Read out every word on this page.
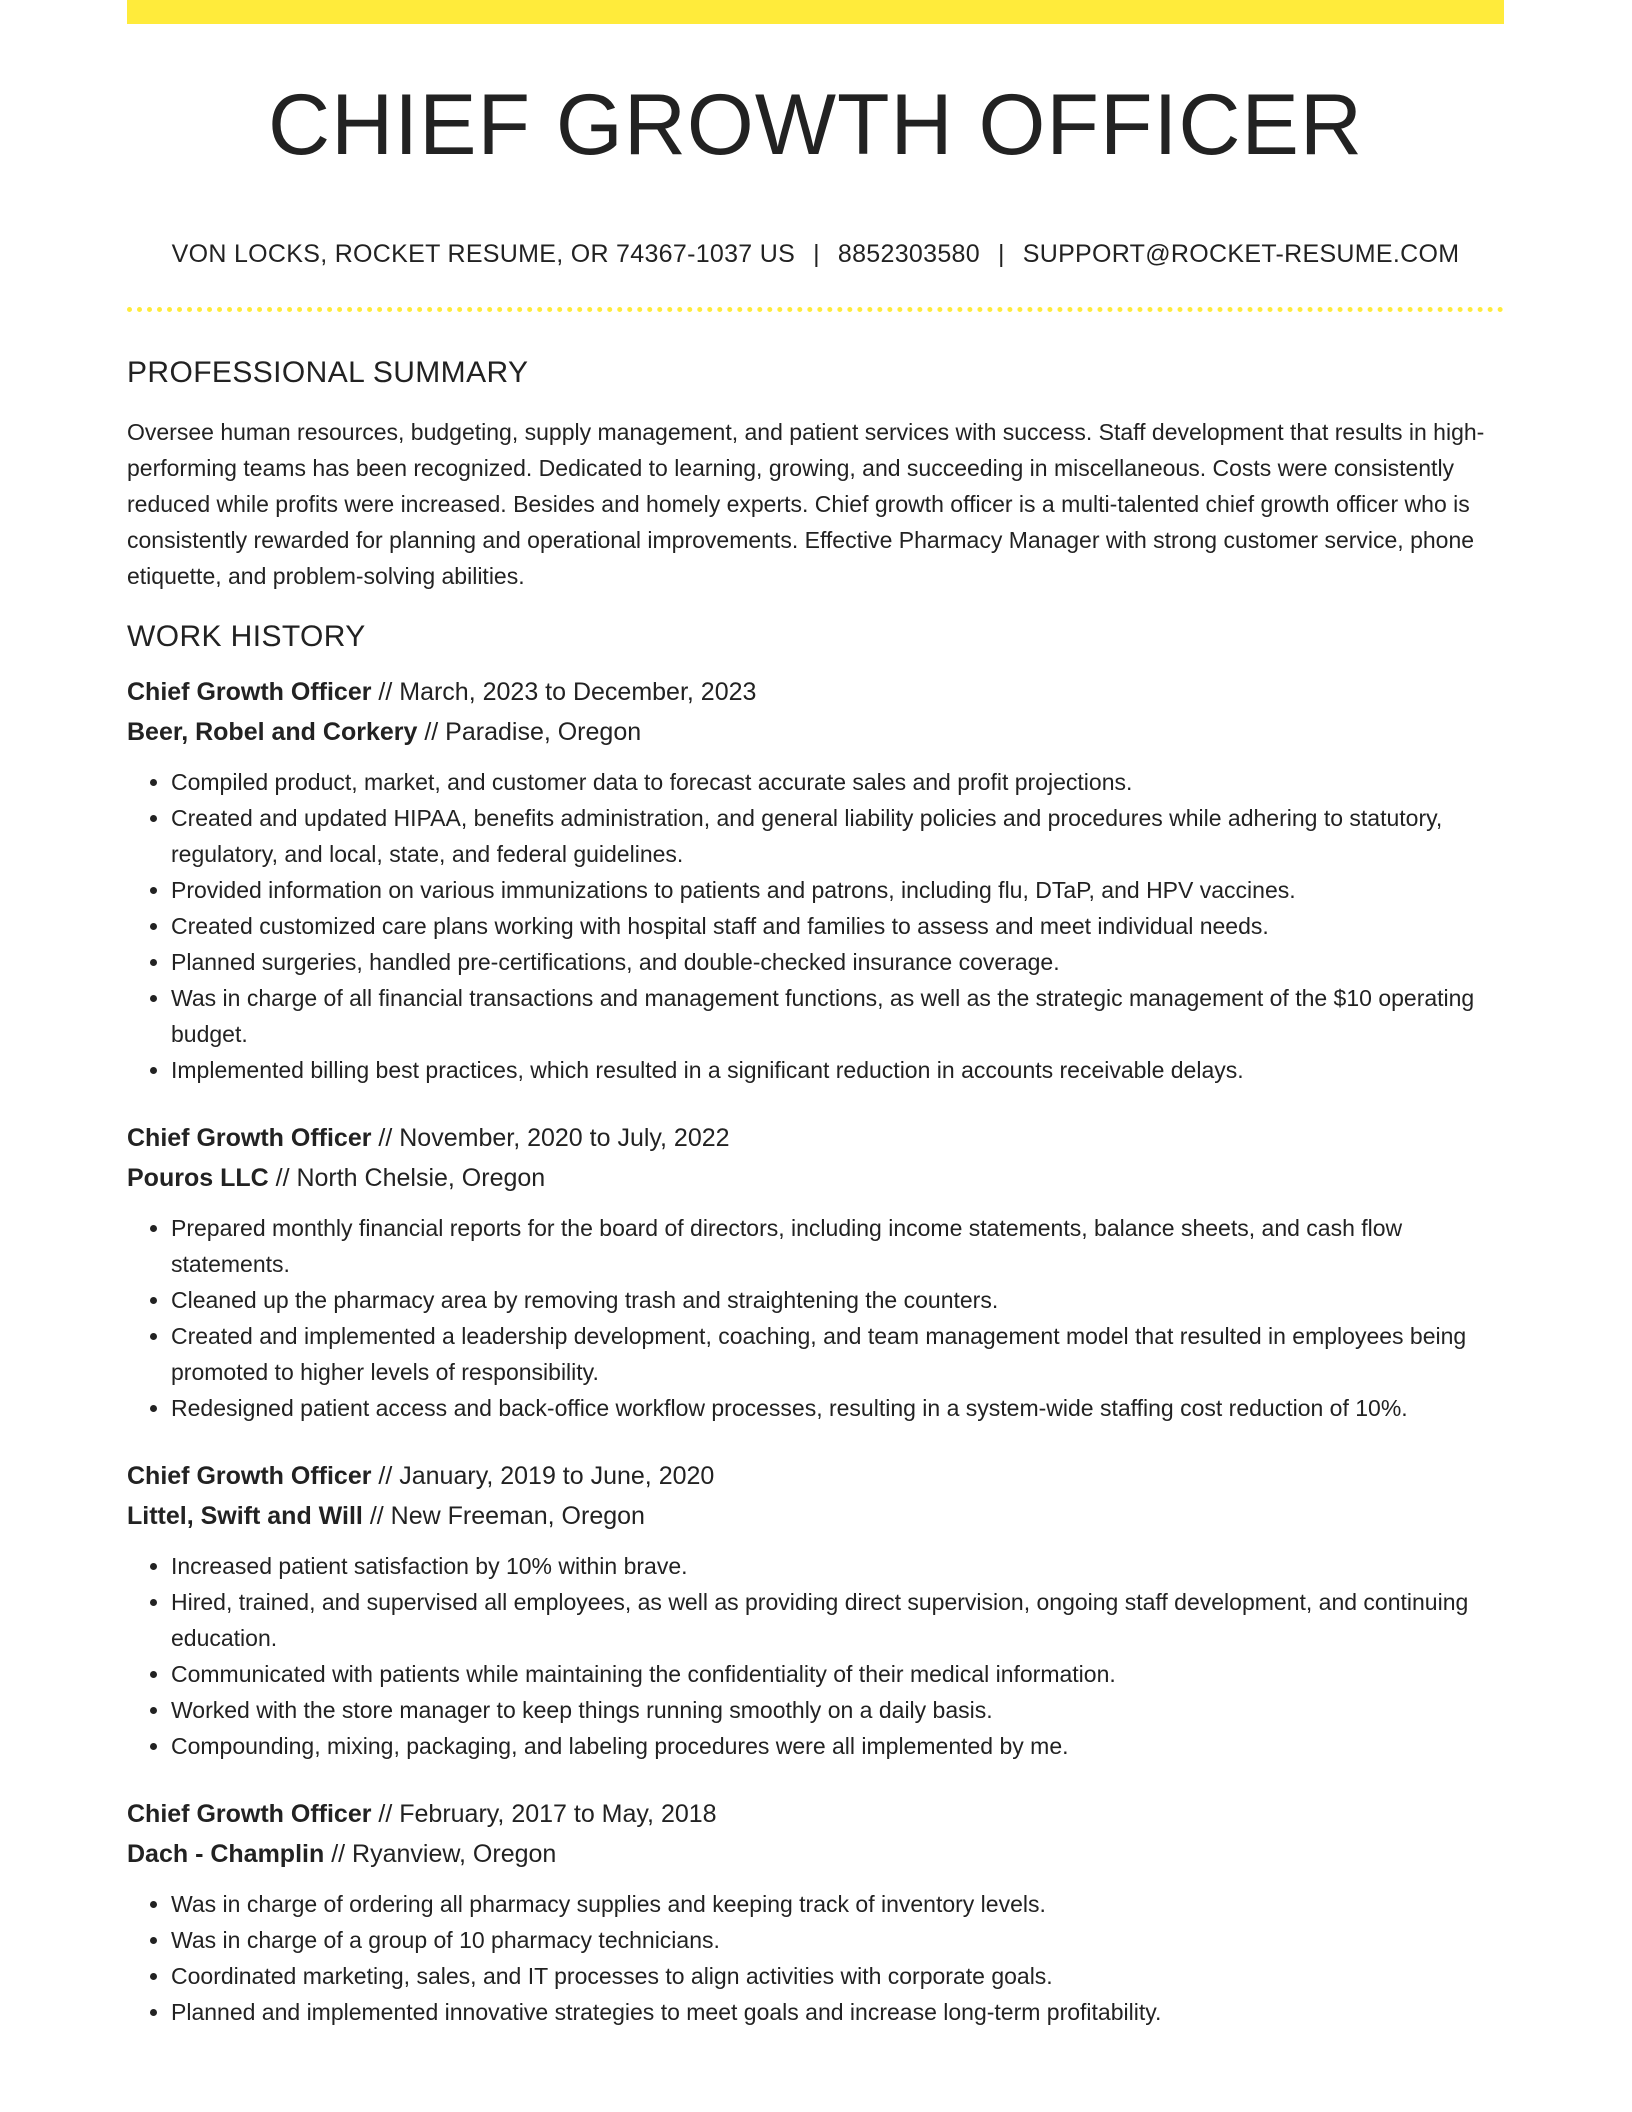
CHIEF GROWTH OFFICER
VON LOCKS, ROCKET RESUME, OR 74367-1037 US | 8852303580 | SUPPORT@ROCKET-RESUME.COM
PROFESSIONAL SUMMARY

Oversee human resources, budgeting, supply management, and patient services with success. Staff development that results in high-performing teams has been recognized. Dedicated to learning, growing, and succeeding in miscellaneous. Costs were consistently reduced while profits were increased. Besides and homely experts. Chief growth officer is a multi-talented chief growth officer who is consistently rewarded for planning and operational improvements. Effective Pharmacy Manager with strong customer service, phone etiquette, and problem-solving abilities.

WORK HISTORY
Chief Growth Officer // March, 2023 to December, 2023
Beer, Robel and Corkery // Paradise, Oregon
• Compiled product, market, and customer data to forecast accurate sales and profit projections.
• Created and updated HIPAA, benefits administration, and general liability policies and procedures while adhering to statutory, regulatory, and local, state, and federal guidelines.
• Provided information on various immunizations to patients and patrons, including flu, DTaP, and HPV vaccines.
• Created customized care plans working with hospital staff and families to assess and meet individual needs.
• Planned surgeries, handled pre-certifications, and double-checked insurance coverage.
• Was in charge of all financial transactions and management functions, as well as the strategic management of the $10 operating budget.
• Implemented billing best practices, which resulted in a significant reduction in accounts receivable delays.
Chief Growth Officer // November, 2020 to July, 2022
Pouros LLC // North Chelsie, Oregon
• Prepared monthly financial reports for the board of directors, including income statements, balance sheets, and cash flow statements.
• Cleaned up the pharmacy area by removing trash and straightening the counters.
• Created and implemented a leadership development, coaching, and team management model that resulted in employees being promoted to higher levels of responsibility.
• Redesigned patient access and back-office workflow processes, resulting in a system-wide staffing cost reduction of 10%.
Chief Growth Officer // January, 2019 to June, 2020
Littel, Swift and Will // New Freeman, Oregon
• Increased patient satisfaction by 10% within brave.
• Hired, trained, and supervised all employees, as well as providing direct supervision, ongoing staff development, and continuing education.
• Communicated with patients while maintaining the confidentiality of their medical information.
• Worked with the store manager to keep things running smoothly on a daily basis.
• Compounding, mixing, packaging, and labeling procedures were all implemented by me.
Chief Growth Officer // February, 2017 to May, 2018
Dach - Champlin // Ryanview, Oregon
• Was in charge of ordering all pharmacy supplies and keeping track of inventory levels.
• Was in charge of a group of 10 pharmacy technicians.
• Coordinated marketing, sales, and IT processes to align activities with corporate goals.
• Planned and implemented innovative strategies to meet goals and increase long-term profitability.
